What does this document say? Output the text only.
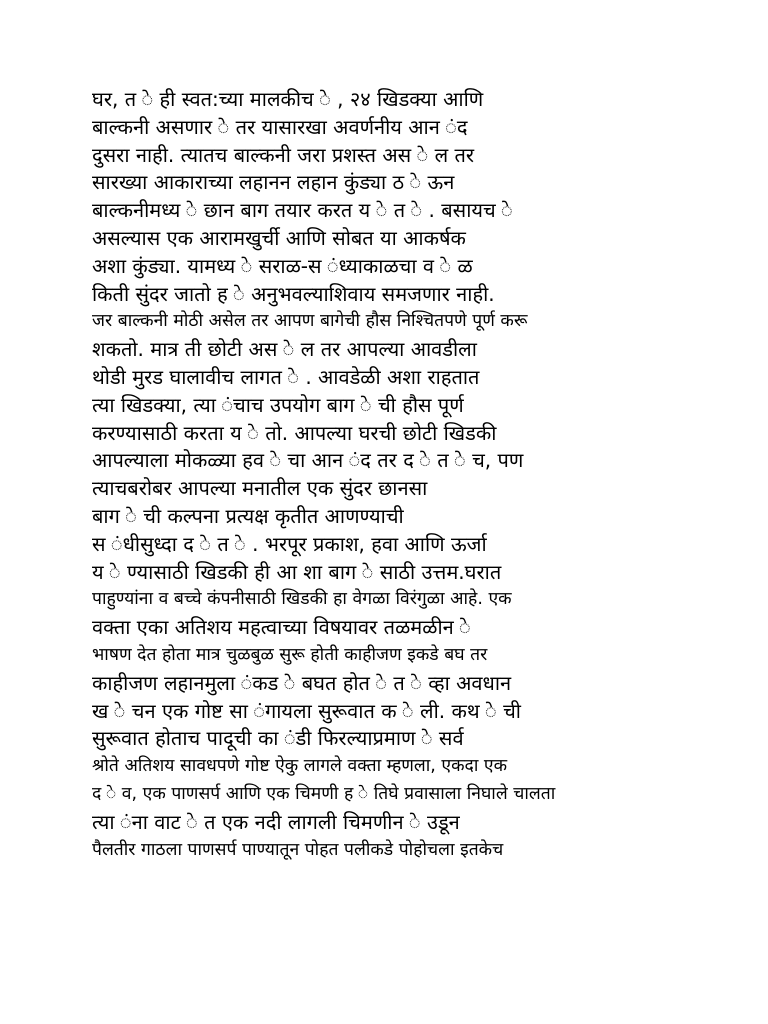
घर, त े ही स्वत:च्या मालकीच े , २४ खिडक्या आणि
बाल्कनी असणार े तर यासारखा अवर्णनीय आन ंद
दुसरा नाही. त्यातच बाल्कनी जरा प्रशस्त अस े ल तर
सारख्या आकाराच्या लहानन लहान कुंड्या ठ े ऊन
बाल्कनीमध्य े छान बाग तयार करत य े त े . बसायच े
असल्यास एक आरामखुर्ची आणि सोबत या आकर्षक
अशा कुंड्या. यामध्य े सराळ-स ंध्याकाळचा व े ळ
किती सुंदर जातो ह े अनुभवल्याशिवाय समजणार नाही.
जर बाल्कनी मोठी असेल तर आपण बागेची हौस निश्चितपणे पूर्ण करू
शकतो. मात्र ती छोटी अस े ल तर आपल्या आवडीला
थोडी मुरड घालावीच लागत े . आवडेळी अशा राहतात
त्या खिडक्या, त्या ंचाच उपयोग बाग े ची हौस पूर्ण
करण्यासाठी करता य े तो. आपल्या घरची छोटी खिडकी
आपल्याला मोकळ्या हव े चा आन ंद तर द े त े च, पण
त्याचबरोबर आपल्या मनातील एक सुंदर छानसा
बाग े ची कल्पना प्रत्यक्ष कृतीत आणण्याची
स ंधीसुध्दा द े त े . भरपूर प्रकाश, हवा आणि ऊर्जा
य े ण्यासाठी खिडकी ही आ शा बाग े साठी उत्तम.घरात
पाहुण्यांना व बच्चे कंपनीसाठी खिडकी हा वेगळा विरंगुळा आहे. एक
वक्ता एका अतिशय महत्वाच्या विषयावर तळमळीन े
भाषण देत होता मात्र चुळबुळ सुरू होती काहीजण इकडे बघ तर
काहीजण लहानमुला ंकड े बघत होत े त े व्हा अवधान
ख े चन एक गोष्ट सा ंगायला सुरूवात क े ली. कथ े ची
सुरूवात होताच पादूची का ंडी फिरल्याप्रमाण े सर्व
श्रोते अतिशय सावधपणे गोष्ट ऐकु लागले वक्ता म्हणला, एकदा एक
द े व, एक पाणसर्प आणि एक चिमणी ह े तिघे प्रवासाला निघाले चालता
त्या ंना वाट े त एक नदी लागली चिमणीन े उडून
पैलतीर गाठला पाणसर्प पाण्यातून पोहत पलीकडे पोहोचला इतकेच
